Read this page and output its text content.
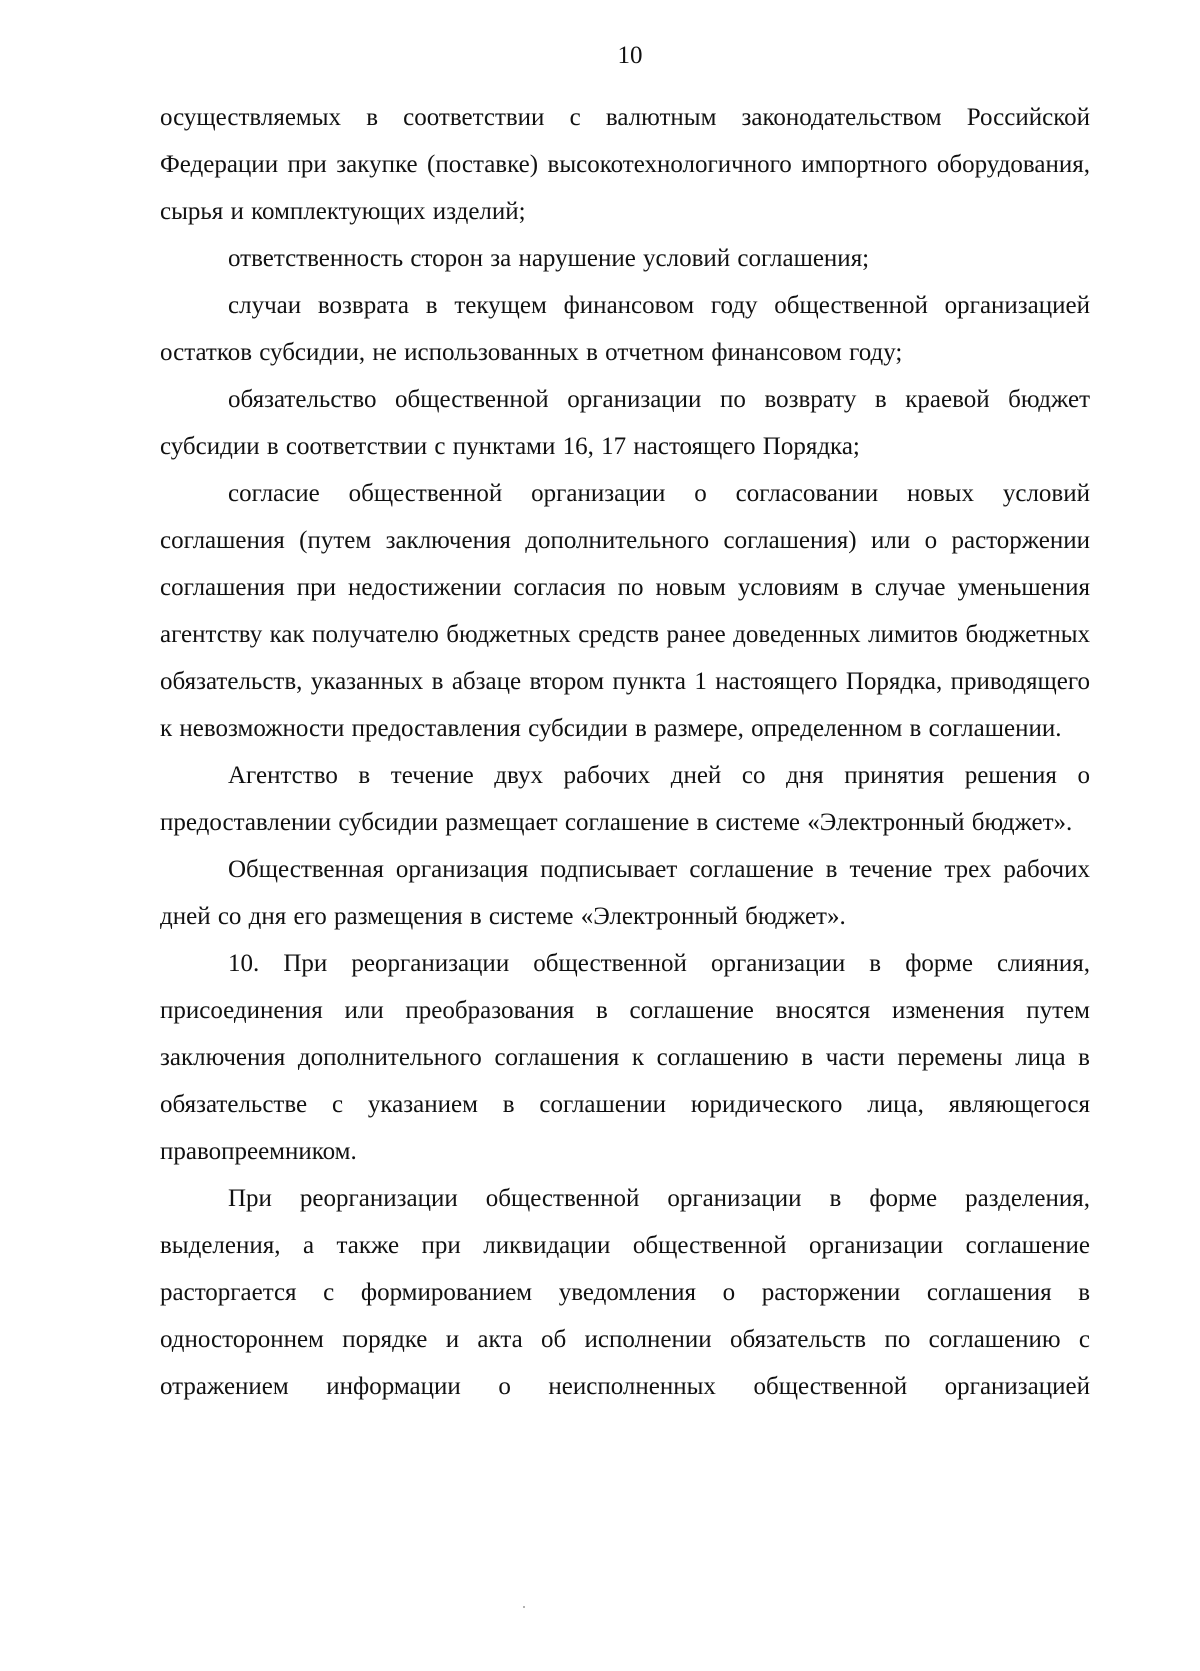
10

осуществляемых в соответствии с валютным законодательством Российской Федерации при закупке (поставке) высокотехнологичного импортного оборудования, сырья и комплектующих изделий;

ответственность сторон за нарушение условий соглашения;

случаи возврата в текущем финансовом году общественной организацией остатков субсидии, не использованных в отчетном финансовом году;

обязательство общественной организации по возврату в краевой бюджет субсидии в соответствии с пунктами 16, 17 настоящего Порядка;

согласие общественной организации о согласовании новых условий соглашения (путем заключения дополнительного соглашения) или о расторжении соглашения при недостижении согласия по новым условиям в случае уменьшения агентству как получателю бюджетных средств ранее доведенных лимитов бюджетных обязательств, указанных в абзаце втором пункта 1 настоящего Порядка, приводящего к невозможности предоставления субсидии в размере, определенном в соглашении.

Агентство в течение двух рабочих дней со дня принятия решения о предоставлении субсидии размещает соглашение в системе «Электронный бюджет».

Общественная организация подписывает соглашение в течение трех рабочих дней со дня его размещения в системе «Электронный бюджет».

10. При реорганизации общественной организации в форме слияния, присоединения или преобразования в соглашение вносятся изменения путем заключения дополнительного соглашения к соглашению в части перемены лица в обязательстве с указанием в соглашении юридического лица, являющегося правопреемником.

При реорганизации общественной организации в форме разделения, выделения, а также при ликвидации общественной организации соглашение расторгается с формированием уведомления о расторжении соглашения в одностороннем порядке и акта об исполнении обязательств по соглашению с отражением информации о неисполненных общественной организацией
